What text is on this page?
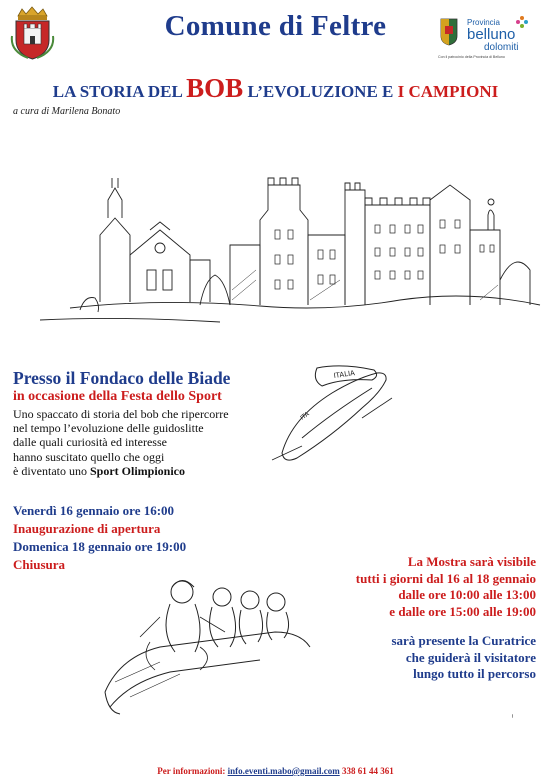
Comune di Feltre	Provincia
belluno
dolomiti
Con il patrocinio della Provincia di Belluno
LA STORIA DEL BOB L’EVOLUZIONE E I CAMPIONI
a cura di Marilena Bonato
ITALIA
ITA
~
Presso il Fondaco delle Biade
in occasione della Festa dello Sport
Uno spaccato di storia del bob che ripercorre
nel tempo l’evoluzione delle guidoslitte
dalle quali curiosità ed interesse
hanno suscitato quello che oggi
è diventato uno Sport Olimpionico
Venerdì 16 gennaio ore 16:00
Inaugurazione di apertura
Domenica 18 gennaio ore 19:00
Chiusura	La Mostra sarà visibile
tutti i giorni dal 16 al 18 gennaio
dalle ore 10:00 alle 13:00
e dalle ore 15:00 alle 19:00
sarà presente la Curatrice
che guiderà il visitatore
lungo tutto il percorso
Per informazioni: info.eventi.mabo@gmail.com 338 61 44 361
